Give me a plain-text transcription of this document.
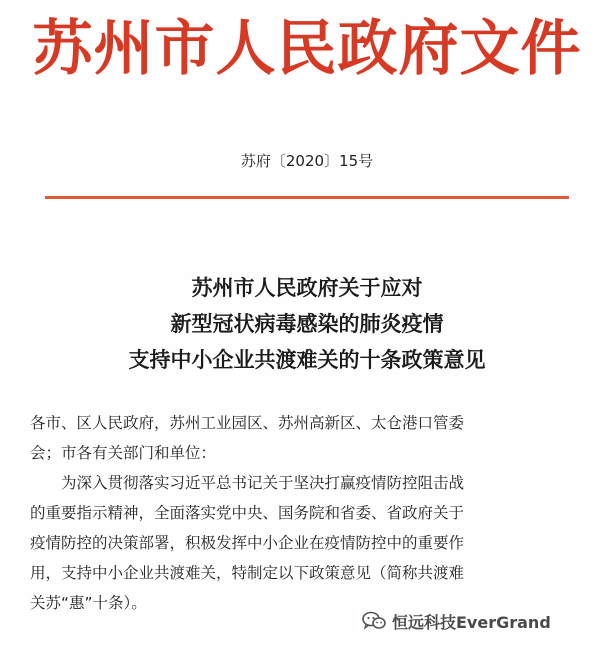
苏州市人民政府文件
苏府〔2020〕15号
苏州市人民政府关于应对
新型冠状病毒感染的肺炎疫情
支持中小企业共渡难关的十条政策意见

各市、区人民政府，苏州工业园区、苏州高新区、太仓港口管委

会；市各有关部门和单位：

为深入贯彻落实习近平总书记关于坚决打赢疫情防控阻击战

的重要指示精神，全面落实党中央、国务院和省委、省政府关于

疫情防控的决策部署，积极发挥中小企业在疫情防控中的重要作

用，支持中小企业共渡难关，特制定以下政策意见（简称共渡难

关苏“惠”十条）。

恒远科技EverGrand
